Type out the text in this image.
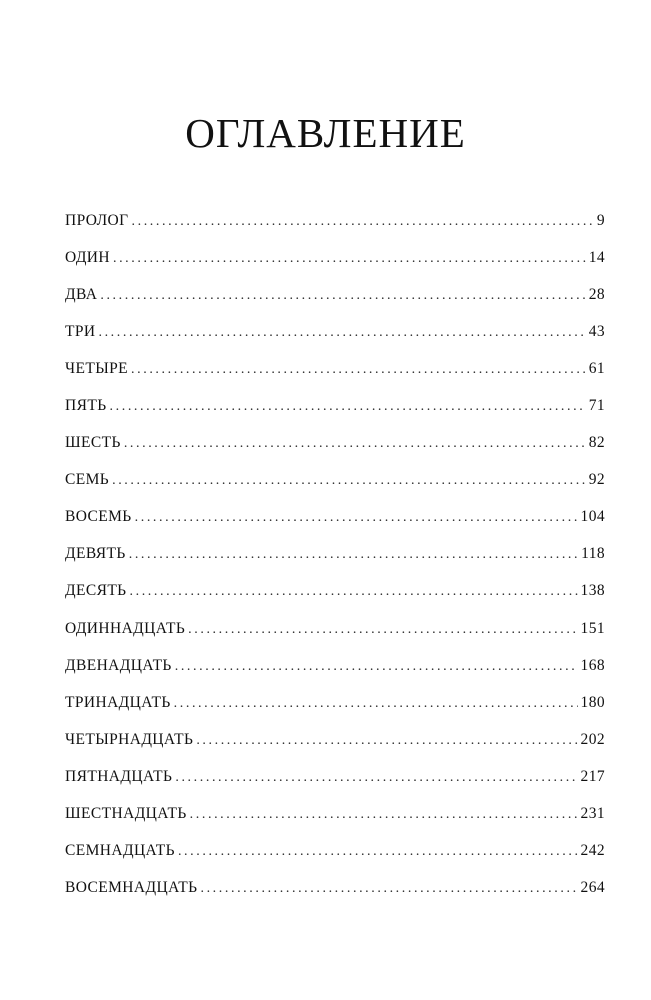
ОГЛАВЛЕНИЕ
ПРОЛОГ .....	9
ОДИН .....	14
ДВА .....	28
ТРИ .....	43
ЧЕТЫРЕ .....	61
ПЯТЬ .....	71
ШЕСТЬ .....	82
СЕМЬ .....	92
ВОСЕМЬ .....	104
ДЕВЯТЬ .....	118
ДЕСЯТЬ .....	138
ОДИННАДЦАТЬ .....	151
ДВЕНАДЦАТЬ .....	168
ТРИНАДЦАТЬ .....	180
ЧЕТЫРНАДЦАТЬ .....	202
ПЯТНАДЦАТЬ .....	217
ШЕСТНАДЦАТЬ .....	231
СЕМНАДЦАТЬ .....	242
ВОСЕМНАДЦАТЬ .....	264
